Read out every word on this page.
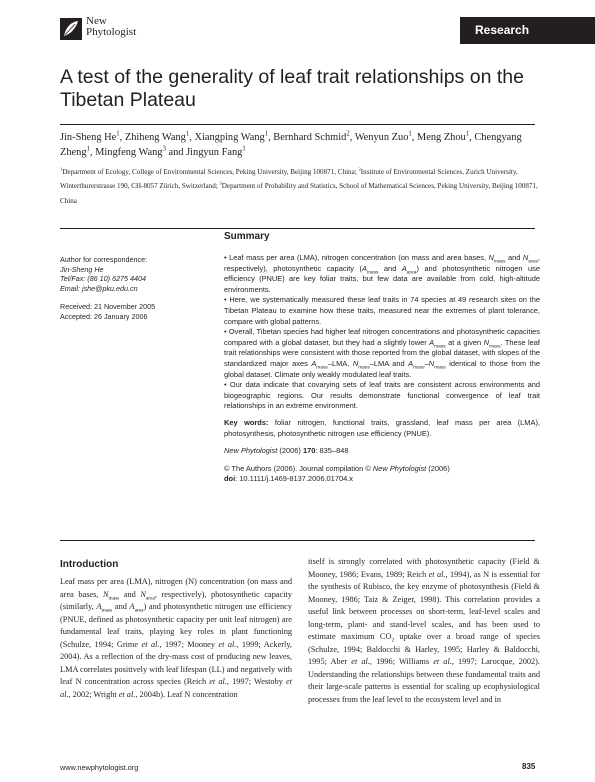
New
Phytologist	Research
A test of the generality of leaf trait relationships on the Tibetan Plateau
Jin-Sheng He$^1$, Zhiheng Wang$^1$, Xiangping Wang$^1$, Bernhard Schmid$^2$, Wenyun Zuo$^1$, Meng Zhou$^1$, Chengyang Zheng$^1$, Mingfeng Wang$^3$ and Jingyun Fang$^1$
$^1$Department of Ecology, College of Environmental Sciences, Peking University, Beijing 100871, China; $^2$Institute of Environmental Sciences, Zurich University, Winterthurerstrasse 190, CH-8057 Zürich, Switzerland; $^3$Department of Probability and Statistics, School of Mathematical Sciences, Peking University, Beijing 100871, China

Author for correspondence:

Jin-Sheng He

Tel/Fax: (86 10) 6275 4404

Email: jshe@pku.edu.cn

Received: 21 November 2005

Accepted: 26 January 2006

Summary

• Leaf mass per area (LMA), nitrogen concentration (on mass and area bases, $N_{mass}$ and $N_{area}$, respectively), photosynthetic capacity ($A_{mass}$ and $A_{area}$) and photosynthetic nitrogen use efficiency (PNUE) are key foliar traits, but few data are available from cold, high-altitude environments.

• Here, we systematically measured these leaf traits in 74 species at 49 research sites on the Tibetan Plateau to examine how these traits, measured near the extremes of plant tolerance, compare with global patterns.

• Overall, Tibetan species had higher leaf nitrogen concentrations and photosynthetic capacities compared with a global dataset, but they had a slightly lower $A_{mass}$ at a given $N_{mass}$. These leaf trait relationships were consistent with those reported from the global dataset, with slopes of the standardized major axes $A_{mass}$–LMA, $N_{mass}$–LMA and $A_{mass}-N_{mass}$ identical to those from the global dataset. Climate only weakly modulated leaf traits.

• Our data indicate that covarying sets of leaf traits are consistent across environments and biogeographic regions. Our results demonstrate functional convergence of leaf trait relationships in an extreme environment.

Key words: foliar nitrogen, functional traits, grassland, leaf mass per area (LMA), photosynthesis, photosynthetic nitrogen use efficiency (PNUE).

New Phytologist (2006) 170: 835–848

© The Authors (2006). Journal compilation © New Phytologist (2006)

doi: 10.1111/j.1469-8137.2006.01704.x

Introduction

Leaf mass per area (LMA), nitrogen (N) concentration (on mass and area bases, $N_{mass}$ and $N_{area}$, respectively), photosynthetic capacity (similarly, $A_{mass}$ and $A_{area}$) and photosynthetic nitrogen use efficiency (PNUE, defined as photosynthetic capacity per unit leaf nitrogen) are fundamental leaf traits, playing key roles in plant functioning (Schulze, 1994; Grime et al., 1997; Mooney et al., 1999; Ackerly, 2004). As a reflection of the dry-mass cost of producing new leaves, LMA correlates positively with leaf lifespan (LL) and negatively with leaf N concentration across species (Reich et al., 1997; Westoby et al., 2002; Wright et al., 2004b). Leaf N concentration

itself is strongly correlated with photosynthetic capacity (Field & Mooney, 1986; Evans, 1989; Reich et al., 1994), as N is essential for the synthesis of Rubisco, the key enzyme of photosynthesis (Field & Mooney, 1986; Taiz & Zeiger, 1998). This correlation provides a useful link between processes on short-term, leaf-level scales and long-term, plant- and stand-level scales, and has been used to estimate maximum $CO_2$ uptake over a broad range of species (Schulze, 1994; Baldocchi & Harley, 1995; Harley & Baldocchi, 1995; Aber et al., 1996; Williams et al., 1997; Larocque, 2002). Understanding the relationships between these fundamental traits and their large-scale patterns is essential for scaling up ecophysiological processes from the leaf level to the ecosystem level and in

www.newphytologist.org	835
